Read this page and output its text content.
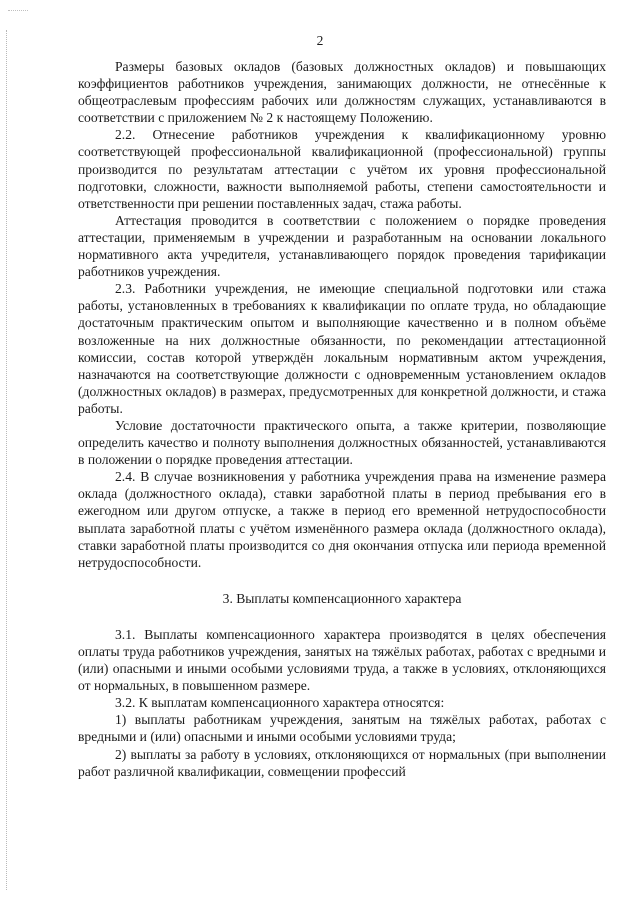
2

Размеры базовых окладов (базовых должностных окладов) и повышающих коэффициентов работников учреждения, занимающих должности, не отнесённые к общеотраслевым профессиям рабочих или должностям служащих, устанавливаются в соответствии с приложением № 2 к настоящему Положению.

2.2. Отнесение работников учреждения к квалификационному уровню соответствующей профессиональной квалификационной (профессиональной) группы производится по результатам аттестации с учётом их уровня профессиональной подготовки, сложности, важности выполняемой работы, степени самостоятельности и ответственности при решении поставленных задач, стажа работы.

Аттестация проводится в соответствии с положением о порядке проведения аттестации, применяемым в учреждении и разработанным на основании локального нормативного акта учредителя, устанавливающего порядок проведения тарификации работников учреждения.

2.3. Работники учреждения, не имеющие специальной подготовки или стажа работы, установленных в требованиях к квалификации по оплате труда, но обладающие достаточным практическим опытом и выполняющие качественно и в полном объёме возложенные на них должностные обязанности, по рекомендации аттестационной комиссии, состав которой утверждён локальным нормативным актом учреждения, назначаются на соответствующие должности с одновременным установлением окладов (должностных окладов) в размерах, предусмотренных для конкретной должности, и стажа работы.

Условие достаточности практического опыта, а также критерии, позволяющие определить качество и полноту выполнения должностных обязанностей, устанавливаются в положении о порядке проведения аттестации.

2.4. В случае возникновения у работника учреждения права на изменение размера оклада (должностного оклада), ставки заработной платы в период пребывания его в ежегодном или другом отпуске, а также в период его временной нетрудоспособности выплата заработной платы с учётом изменённого размера оклада (должностного оклада), ставки заработной платы производится со дня окончания отпуска или периода временной нетрудоспособности.

3. Выплаты компенсационного характера

3.1. Выплаты компенсационного характера производятся в целях обеспечения оплаты труда работников учреждения, занятых на тяжёлых работах, работах с вредными и (или) опасными и иными особыми условиями труда, а также в условиях, отклоняющихся от нормальных, в повышенном размере.

3.2. К выплатам компенсационного характера относятся:

1) выплаты работникам учреждения, занятым на тяжёлых работах, работах с вредными и (или) опасными и иными особыми условиями труда;

2) выплаты за работу в условиях, отклоняющихся от нормальных (при выполнении работ различной квалификации, совмещении профессий
